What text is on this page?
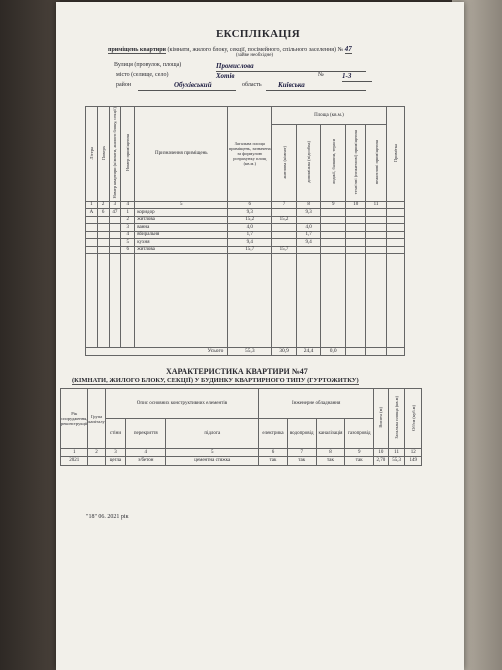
ЕКСПЛІКАЦІЯ
приміщень квартири (кімнати, жилого блоку, секції, посімейного, спільного заселення) № 47
(зайве необхідне)
Вулиця (провулок, площа)	Промислова
місто (селище, село)	Хотів	№	1-3
район	Обухівський	область Київська
Літера	Поверх	Номер квартири (кімнати, жилого блоку, секції)	Номер приміщення	Призначення приміщень	Загальна площа приміщень, зазначена за формулою розрахунку площ (кв.м.)	Площа (кв.м.)					Примітка
						житлова (кімнат)	допоміжна (підсобна)	лоджії, балкони, тераси	технічні (нежитлові) приміщення	нежитлові приміщення	
1	2	3	4	5	6	7	8	9	10	11	
А	6	47	1	коридор	9,3		9,3				
			2	житлова	15,2	15,2					
			3	ванна	4,0		4,0				
			4	вбиральня	1,7		1,7				
			5	кухня	9,4		9,4				
			6	житлова	15,7	15,7					

Усього					55,3	30,9	24,4	0,0			
ХАРАКТЕРИСТИКА КВАРТИРИ №47
(КІМНАТИ, ЖИЛОГО БЛОКУ, СЕКЦІЇ) У БУДИНКУ КВАРТИРНОГО ТИПУ (ГУРТОЖИТКУ)
Рік спорудження, реконструкції	Група капіталу	Опис основних конструктивних елементів			Інженерне обладнання				Висота (м)	Загальна площа (кв.м)	Об'єм (куб.м)
		стіни	перекриття	підлога	електрика	водопровід	каналізація	газопровід			
1	2	3	4	5	6	7	8	9	10	11	12
2021		цегла	з/бетон	цементна стяжка	так	так	так	так	2,70	55,3	149
"18" 06. 2021 рік
